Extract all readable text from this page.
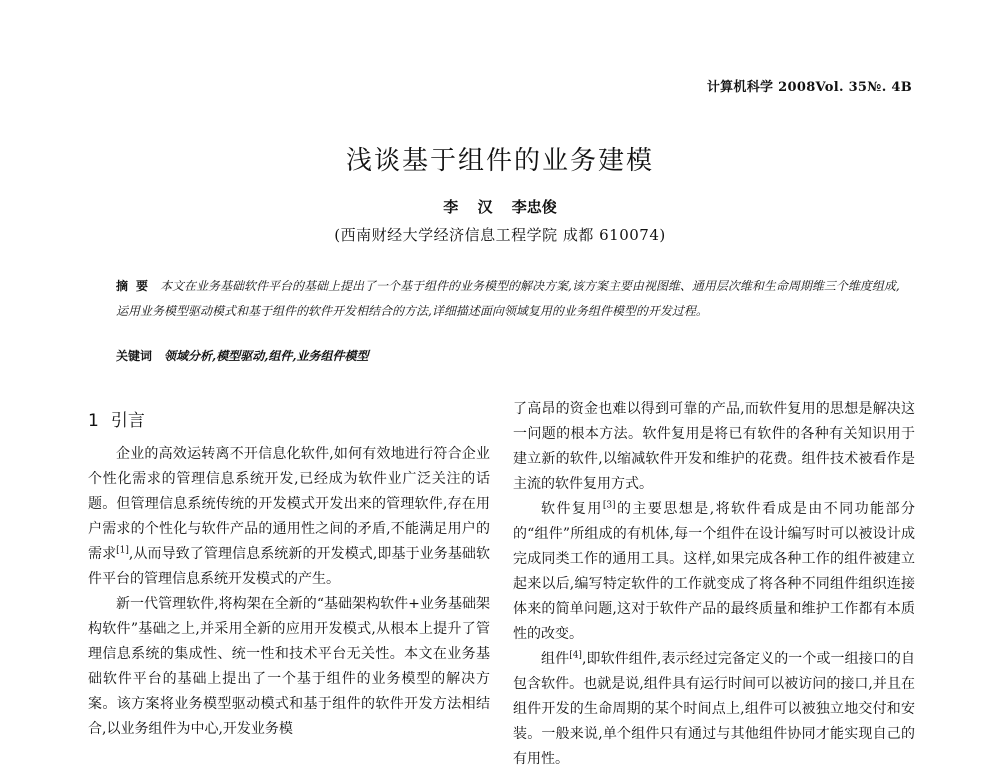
计算机科学 2008Vol. 35№. 4B
浅谈基于组件的业务建模
李 汉 李忠俊
(西南财经大学经济信息工程学院 成都 610074)
摘要 本文在业务基础软件平台的基础上提出了一个基于组件的业务模型的解决方案,该方案主要由视图维、通用层次维和生命周期维三个维度组成,运用业务模型驱动模式和基于组件的软件开发相结合的方法,详细描述面向领域复用的业务组件模型的开发过程。
关键词 领域分析,模型驱动,组件,业务组件模型
1 引言

企业的高效运转离不开信息化软件,如何有效地进行符合企业个性化需求的管理信息系统开发,已经成为软件业广泛关注的话题。但管理信息系统传统的开发模式开发出来的管理软件,存在用户需求的个性化与软件产品的通用性之间的矛盾,不能满足用户的需求[1],从而导致了管理信息系统新的开发模式,即基于业务基础软件平台的管理信息系统开发模式的产生。

新一代管理软件,将构架在全新的“基础架构软件+业务基础架构软件”基础之上,并采用全新的应用开发模式,从根本上提升了管理信息系统的集成性、统一性和技术平台无关性。本文在业务基础软件平台的基础上提出了一个基于组件的业务模型的解决方案。该方案将业务模型驱动模式和基于组件的软件开发方法相结合,以业务组件为中心,开发业务模

了高昂的资金也难以得到可靠的产品,而软件复用的思想是解决这一问题的根本方法。软件复用是将已有软件的各种有关知识用于建立新的软件,以缩减软件开发和维护的花费。组件技术被看作是主流的软件复用方式。

软件复用[3]的主要思想是,将软件看成是由不同功能部分的“组件”所组成的有机体,每一个组件在设计编写时可以被设计成完成同类工作的通用工具。这样,如果完成各种工作的组件被建立起来以后,编写特定软件的工作就变成了将各种不同组件组织连接体来的简单问题,这对于软件产品的最终质量和维护工作都有本质性的改变。

组件[4],即软件组件,表示经过完备定义的一个或一组接口的自包含软件。也就是说,组件具有运行时间可以被访问的接口,并且在组件开发的生命周期的某个时间点上,组件可以被独立地交付和安装。一般来说,单个组件只有通过与其他组件协同才能实现自己的有用性。
